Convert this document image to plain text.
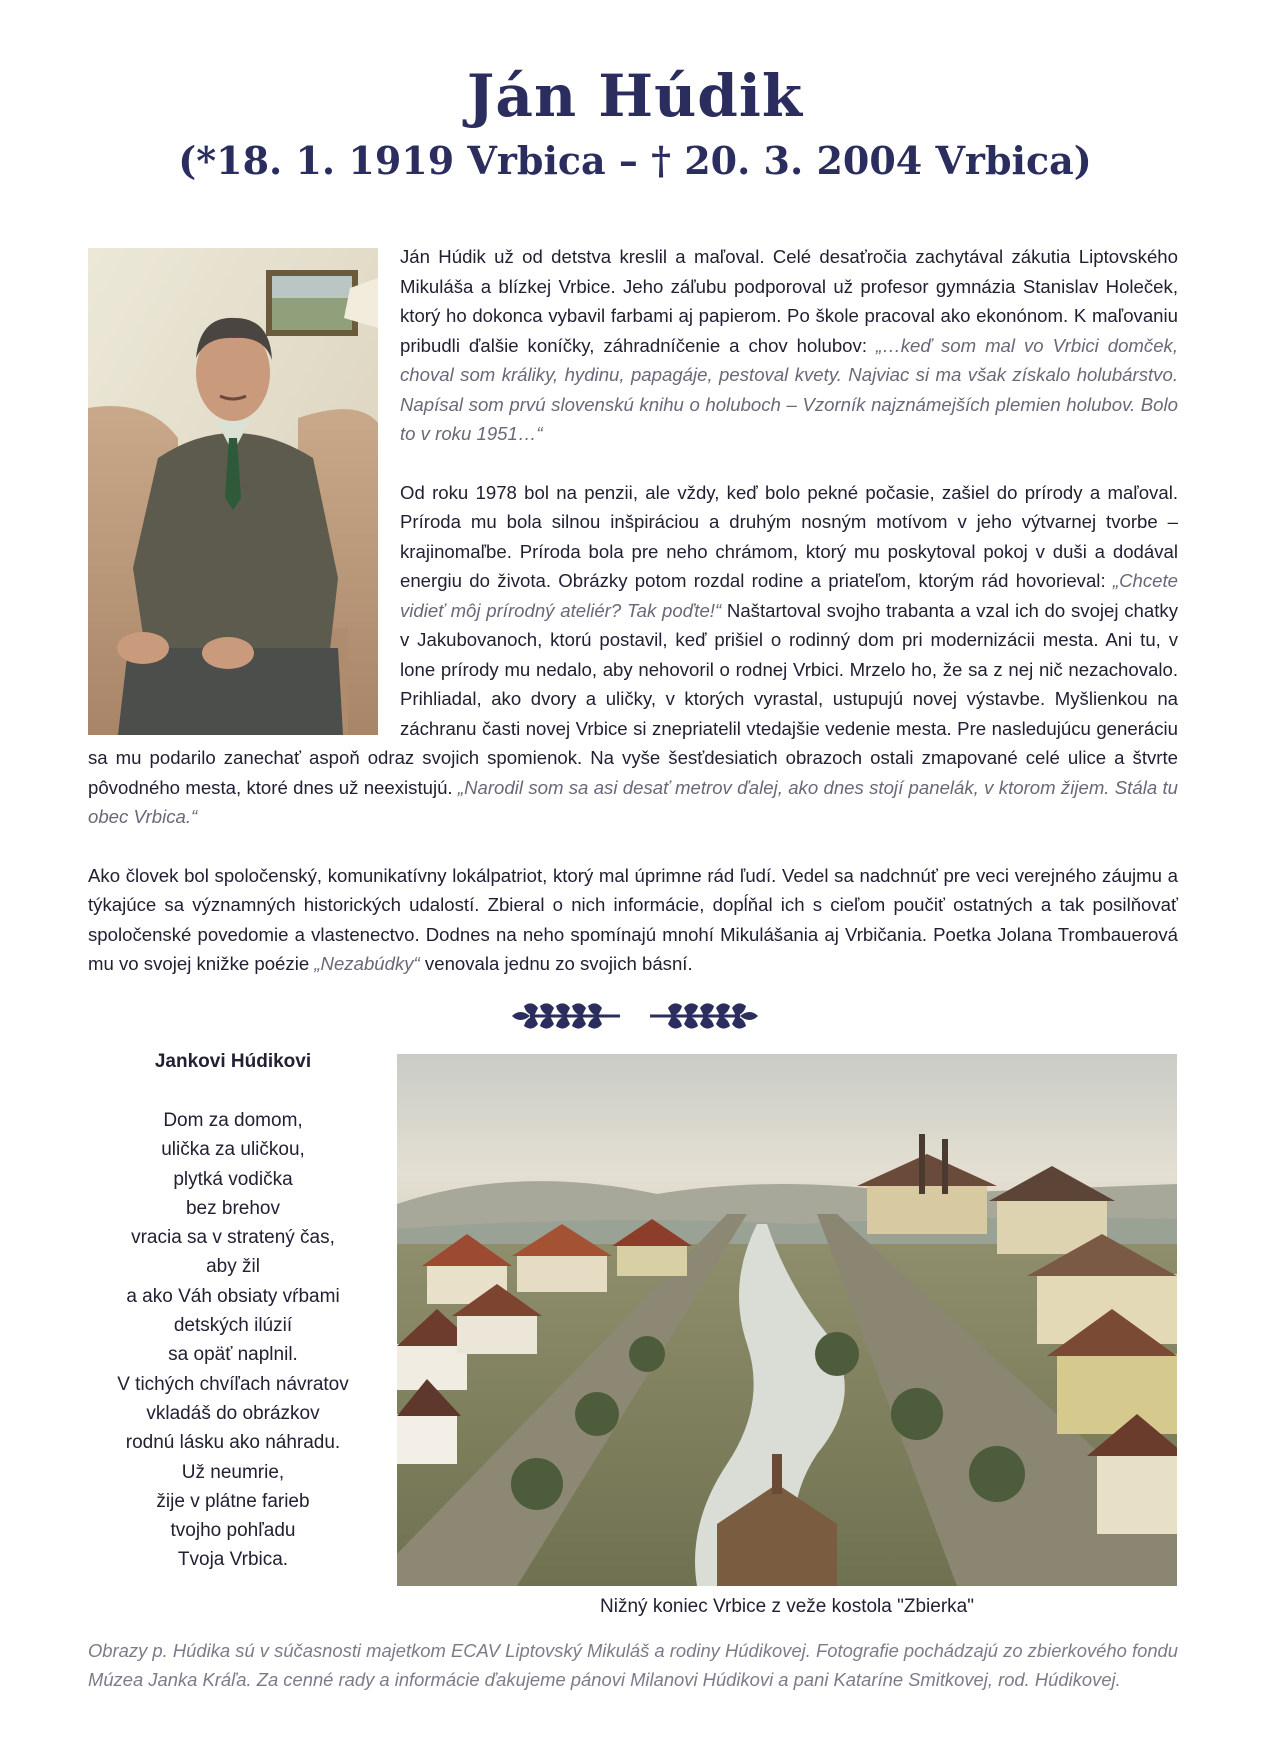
Ján Húdik
(*18. 1. 1919 Vrbica – † 20. 3. 2004 Vrbica)

Ján Húdik už od detstva kreslil a maľoval. Celé desaťročia zachytával zákutia Liptovského Mikuláša a blízkej Vrbice. Jeho záľubu podporoval už profesor gymnázia Stanislav Holeček, ktorý ho dokonca vybavil farbami aj papierom. Po škole pracoval ako ekonónom. K maľovaniu pribudli ďalšie koníčky, záhradníčenie a chov holubov: „…keď som mal vo Vrbici domček, choval som králiky, hydinu, papagáje, pestoval kvety. Najviac si ma však získalo holubárstvo. Napísal som prvú slovenskú knihu o holuboch – Vzorník najznámejších plemien holubov. Bolo to v roku 1951…“

Od roku 1978 bol na penzii, ale vždy, keď bolo pekné počasie, zašiel do prírody a maľoval. Príroda mu bola silnou inšpiráciou a druhým nosným motívom v jeho výtvarnej tvorbe – krajinomaľbe. Príroda bola pre neho chrámom, ktorý mu poskytoval pokoj v duši a dodával energiu do života. Obrázky potom rozdal rodine a priateľom, ktorým rád hovorieval: „Chcete vidieť môj prírodný ateliér? Tak poďte!“ Naštartoval svojho trabanta a vzal ich do svojej chatky v Jakubovanoch, ktorú postavil, keď prišiel o rodinný dom pri modernizácii mesta. Ani tu, v lone prírody mu nedalo, aby nehovoril o rodnej Vrbici. Mrzelo ho, že sa z nej nič nezachovalo. Prihliadal, ako dvory a uličky, v ktorých vyrastal, ustupujú novej výstavbe. Myšlienkou na záchranu časti novej Vrbice si znepriatelil vtedajšie vedenie mesta. Pre nasledujúcu generáciu sa mu podarilo zanechať aspoň odraz svojich spomienok. Na vyše šesťdesiatich obrazoch ostali zmapované celé ulice a štvrte pôvodného mesta, ktoré dnes už neexistujú. „Narodil som sa asi desať metrov ďalej, ako dnes stojí panelák, v ktorom žijem. Stála tu obec Vrbica.“

Ako človek bol spoločenský, komunikatívny lokálpatriot, ktorý mal úprimne rád ľudí. Vedel sa nadchnúť pre veci verejného záujmu a týkajúce sa významných historických udalostí. Zbieral o nich informácie, dopĺňal ich s cieľom poučiť ostatných a tak posilňovať spoločenské povedomie a vlastenectvo. Dodnes na neho spomínajú mnohí Mikulášania aj Vrbičania. Poetka Jolana Trombauerová mu vo svojej knižke poézie „Nezabúdky“ venovala jednu zo svojich básní.

Jankovi Húdikovi

Dom za domom,
ulička za uličkou,
plytká vodička
bez brehov
vracia sa v stratený čas,
aby žil
a ako Váh obsiaty vŕbami
detských ilúzií
sa opäť naplnil.
V tichých chvíľach návratov
vkladáš do obrázkov
rodnú lásku ako náhradu.
Už neumrie,
žije v plátne farieb
tvojho pohľadu
Tvoja Vrbica.

Nižný koniec Vrbice z veže kostola "Zbierka"

Obrazy p. Húdika sú v súčasnosti majetkom ECAV Liptovský Mikuláš a rodiny Húdikovej. Fotografie pochádzajú zo zbierkového fondu Múzea Janka Kráľa. Za cenné rady a informácie ďakujeme pánovi Milanovi Húdikovi a pani Kataríne Smitkovej, rod. Húdikovej.
